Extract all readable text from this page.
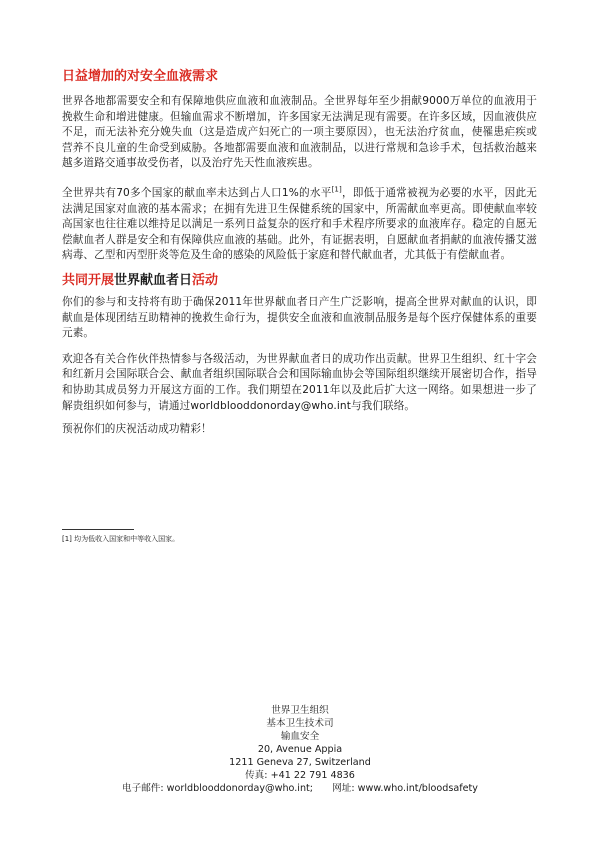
日益增加的对安全血液需求

世界各地都需要安全和有保障地供应血液和血液制品。全世界每年至少捐献9000万单位的血液用于挽救生命和增进健康。但输血需求不断增加，许多国家无法满足现有需要。在许多区域，因血液供应不足，而无法补充分娩失血（这是造成产妇死亡的一项主要原因），也无法治疗贫血，使罹患疟疾或营养不良儿童的生命受到威胁。各地都需要血液和血液制品，以进行常规和急诊手术，包括救治越来越多道路交通事故受伤者，以及治疗先天性血液疾患。

全世界共有70多个国家的献血率未达到占人口1%的水平[1]，即低于通常被视为必要的水平，因此无法满足国家对血液的基本需求；在拥有先进卫生保健系统的国家中，所需献血率更高。即使献血率较高国家也往往难以维持足以满足一系列日益复杂的医疗和手术程序所要求的血液库存。稳定的自愿无偿献血者人群是安全和有保障供应血液的基础。此外，有证据表明，自愿献血者捐献的血液传播艾滋病毒、乙型和丙型肝炎等危及生命的感染的风险低于家庭和替代献血者，尤其低于有偿献血者。

共同开展世界献血者日活动

你们的参与和支持将有助于确保2011年世界献血者日产生广泛影响，提高全世界对献血的认识，即献血是体现团结互助精神的挽救生命行为，提供安全血液和血液制品服务是每个医疗保健体系的重要元素。

欢迎各有关合作伙伴热情参与各级活动，为世界献血者日的成功作出贡献。世界卫生组织、红十字会和红新月会国际联合会、献血者组织国际联合会和国际输血协会等国际组织继续开展密切合作，指导和协助其成员努力开展这方面的工作。我们期望在2011年以及此后扩大这一网络。如果想进一步了解贵组织如何参与，请通过worldblooddonorday@who.int与我们联络。

预祝你们的庆祝活动成功精彩！

[1] 均为低收入国家和中等收入国家。
世界卫生组织
基本卫生技术司
输血安全
20, Avenue Appia
1211 Geneva 27, Switzerland
传真: +41 22 791 4836
电子邮件: worldblooddonorday@who.int;　　网址: www.who.int/bloodsafety
